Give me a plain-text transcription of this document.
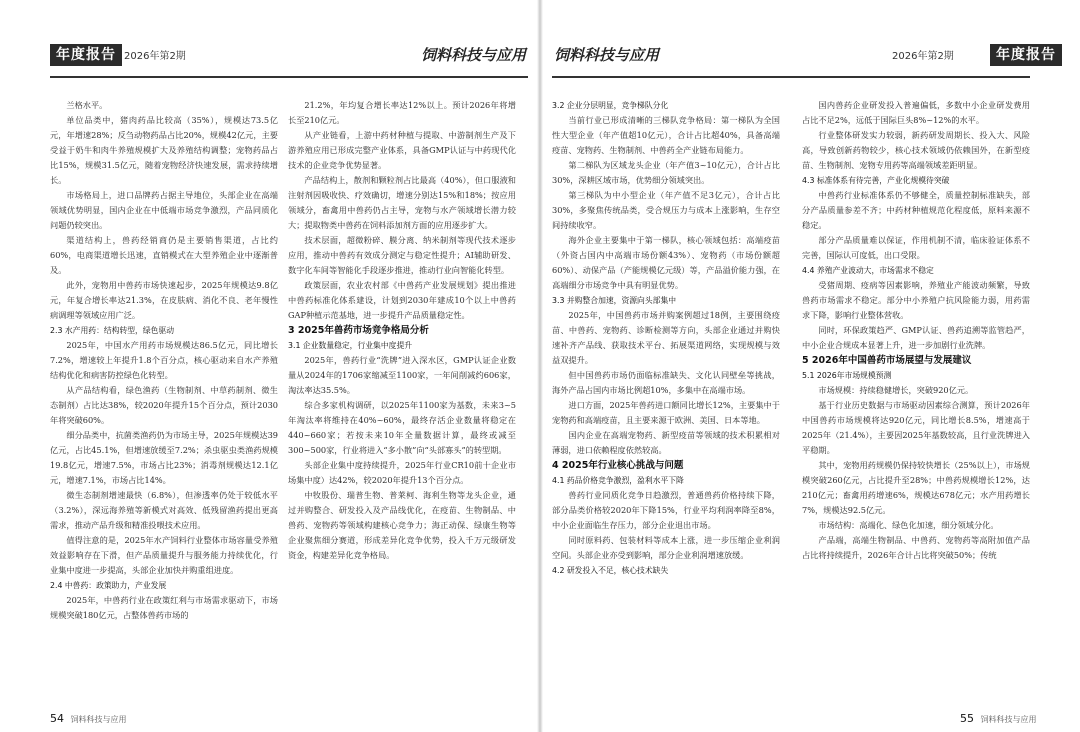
年度报告 2026年第2期	饲料科技与应用

兰格水平。

单位品类中，猪肉药品比较高（35%），规模达73.5亿元，年增速28%；反刍动物药品占比20%，规模42亿元，主要受益于奶牛和肉牛养殖规模扩大及养殖结构调整；宠物药品占比15%，规模31.5亿元，随着宠物经济快速发展，需求持续增长。

市场格局上，进口品牌药占据主导地位，头部企业在高端领域优势明显，国内企业在中低端市场竞争激烈，产品同质化问题仍较突出。

渠道结构上，兽药经销商仍是主要销售渠道，占比约60%，电商渠道增长迅速，直销模式在大型养殖企业中逐渐普及。

此外，宠物用中兽药市场快速起步，2025年规模达9.8亿元，年复合增长率达21.3%，在皮肤病、消化不良、老年慢性病调理等领域应用广泛。

2.3 水产用药：结构转型，绿色驱动

2025年，中国水产用药市场规模达86.5亿元，同比增长7.2%，增速较上年提升1.8个百分点，核心驱动来自水产养殖结构优化和病害防控绿色化转型。

从产品结构看，绿色渔药（生物制剂、中草药制剂、微生态制剂）占比达38%，较2020年提升15个百分点，预计2030年将突破60%。

细分品类中，抗菌类渔药仍为市场主导，2025年规模达39亿元，占比45.1%，但增速放缓至7.2%；杀虫驱虫类渔药规模19.8亿元，增速7.5%，市场占比23%；消毒剂规模达12.1亿元，增速7.1%，市场占比14%。

微生态制剂增速最快（6.8%），但渗透率仍处于较低水平（3.2%），深远海养殖等新模式对高效、低残留渔药提出更高需求，推动产品升级和精准投喂技术应用。

值得注意的是，2025年水产饲料行业整体市场容量受养殖效益影响存在下滑，但产品质量提升与服务能力持续优化，行业集中度进一步提高，头部企业加快并购重组进度。

2.4 中兽药：政策助力，产业发展

2025年，中兽药行业在政策红利与市场需求驱动下，市场规模突破180亿元，占整体兽药市场的

21.2%，年均复合增长率达12%以上。预计2026年将增长至210亿元。

从产业链看，上游中药材种植与提取、中游制剂生产及下游养殖应用已形成完整产业体系，具备GMP认证与中药现代化技术的企业竞争优势显著。

产品结构上，散剂和颗粒剂占比最高（40%），但口服液和注射剂因吸收快、疗效确切，增速分别达15%和18%；按应用领域分，畜禽用中兽药仍占主导，宠物与水产领域增长潜力较大；提取物类中兽药在饲料添加剂方面的应用逐步扩大。

技术层面，超微粉碎、膜分离、纳米制剂等现代技术逐步应用，推动中兽药有效成分测定与稳定性提升；AI辅助研发、数字化车间等智能化手段逐步推进，推动行业向智能化转型。

政策层面，农业农村部《中兽药产业发展规划》提出推进中兽药标准化体系建设，计划到2030年建成10个以上中兽药GAP种植示范基地，进一步提升产品质量稳定性。

3 2025年兽药市场竞争格局分析
3.1 企业数量稳定，行业集中度提升

2025年，兽药行业“洗牌”进入深水区，GMP认证企业数量从2024年的1706家缩减至1100家，一年间削减约606家，淘汰率达35.5%。

综合多家机构调研，以2025年1100家为基数，未来3~5年淘汰率将维持在40%~60%，最终存活企业数量将稳定在440~660家；若按未来10年全量数据计算，最终或减至300~500家，行业将进入“多小散”向“头部寡头”的转型期。

头部企业集中度持续提升，2025年行业CR10前十企业市场集中度）达42%，较2020年提升13个百分点。

中牧股份、瑞普生物、普莱柯、海利生物等龙头企业，通过并购整合、研发投入及产品线优化，在疫苗、生物制品、中兽药、宠物药等领域构建核心竞争力；海正动保、绿康生物等企业聚焦细分赛道，形成差异化竞争优势，投入千万元级研发资金，构建差异化竞争格局。

54 饲料科技与应用
饲料科技与应用	2026年第2期	年度报告
3.2 企业分层明显，竞争梯队分化

当前行业已形成清晰的三梯队竞争格局：第一梯队为全国性大型企业（年产值超10亿元），合计占比超40%，具备高端疫苗、宠物药、生物制剂、中兽药全产业链布局能力。

第二梯队为区域龙头企业（年产值3~10亿元），合计占比30%，深耕区域市场，优势细分领域突出。

第三梯队为中小型企业（年产值不足3亿元），合计占比30%，多聚焦传统品类，受合规压力与成本上涨影响，生存空间持续收窄。

海外企业主要集中于第一梯队，核心领域包括：高端疫苗（外资占国内中高端市场份额43%）、宠物药（市场份额超60%）、动保产品（产能规模亿元级）等，产品溢价能力强，在高端细分市场竞争中具有明显优势。

3.3 并购整合加速，资源向头部集中

2025年，中国兽药市场并购案例超过18例，主要围绕疫苗、中兽药、宠物药、诊断检测等方向，头部企业通过并购快速补齐产品线、获取技术平台、拓展渠道网络，实现规模与效益双提升。

但中国兽药市场仍面临标准缺失、文化认同壁垒等挑战，海外产品占国内市场比例超10%，多集中在高端市场。

进口方面，2025年兽药进口额同比增长12%，主要集中于宠物药和高端疫苗，且主要来源于欧洲、美国、日本等地。

国内企业在高端宠物药、新型疫苗等领域的技术积累相对薄弱，进口依赖程度依然较高。

4 2025年行业核心挑战与问题
4.1 药品价格竞争激烈，盈利水平下降

兽药行业同质化竞争日趋激烈，普通兽药价格持续下降，部分品类价格较2020年下降15%，行业平均利润率降至8%，中小企业面临生存压力，部分企业退出市场。

同时原料药、包装材料等成本上涨，进一步压缩企业利润空间。头部企业亦受到影响，部分企业利润增速放缓。

4.2 研发投入不足，核心技术缺失

国内兽药企业研发投入普遍偏低，多数中小企业研发费用占比不足2%，远低于国际巨头8%~12%的水平。

行业整体研发实力较弱，新药研发周期长、投入大、风险高，导致创新药物较少，核心技术领域仍依赖国外，在新型疫苗、生物制剂、宠物专用药等高端领域差距明显。

4.3 标准体系有待完善，产业化规模待突破

中兽药行业标准体系仍不够健全，质量控制标准缺失，部分产品质量参差不齐；中药材种植规范化程度低，原料来源不稳定。

部分产品质量难以保证，作用机制不清，临床验证体系不完善，国际认可度低，出口受限。

4.4 养殖产业波动大，市场需求不稳定

受猪周期、疫病等因素影响，养殖业产能波动频繁，导致兽药市场需求不稳定。部分中小养殖户抗风险能力弱，用药需求下降，影响行业整体营收。

同时，环保政策趋严、GMP认证、兽药追溯等监管趋严，中小企业合规成本显著上升，进一步加剧行业洗牌。

5 2026年中国兽药市场展望与发展建议
5.1 2026年市场规模预测

市场规模：持续稳健增长，突破920亿元。

基于行业历史数据与市场驱动因素综合测算，预计2026年中国兽药市场规模将达920亿元，同比增长8.5%，增速高于2025年（21.4%），主要因2025年基数较高，且行业洗牌进入平稳期。

其中，宠物用药规模仍保持较快增长（25%以上），市场规模突破260亿元，占比提升至28%；中兽药规模增长12%，达210亿元；畜禽用药增速6%，规模达678亿元；水产用药增长7%，规模达92.5亿元。

市场结构：高端化、绿色化加速，细分领域分化。

产品端，高端生物制品、中兽药、宠物药等高附加值产品占比将持续提升，2026年合计占比将突破50%；传统

55 饲料科技与应用
